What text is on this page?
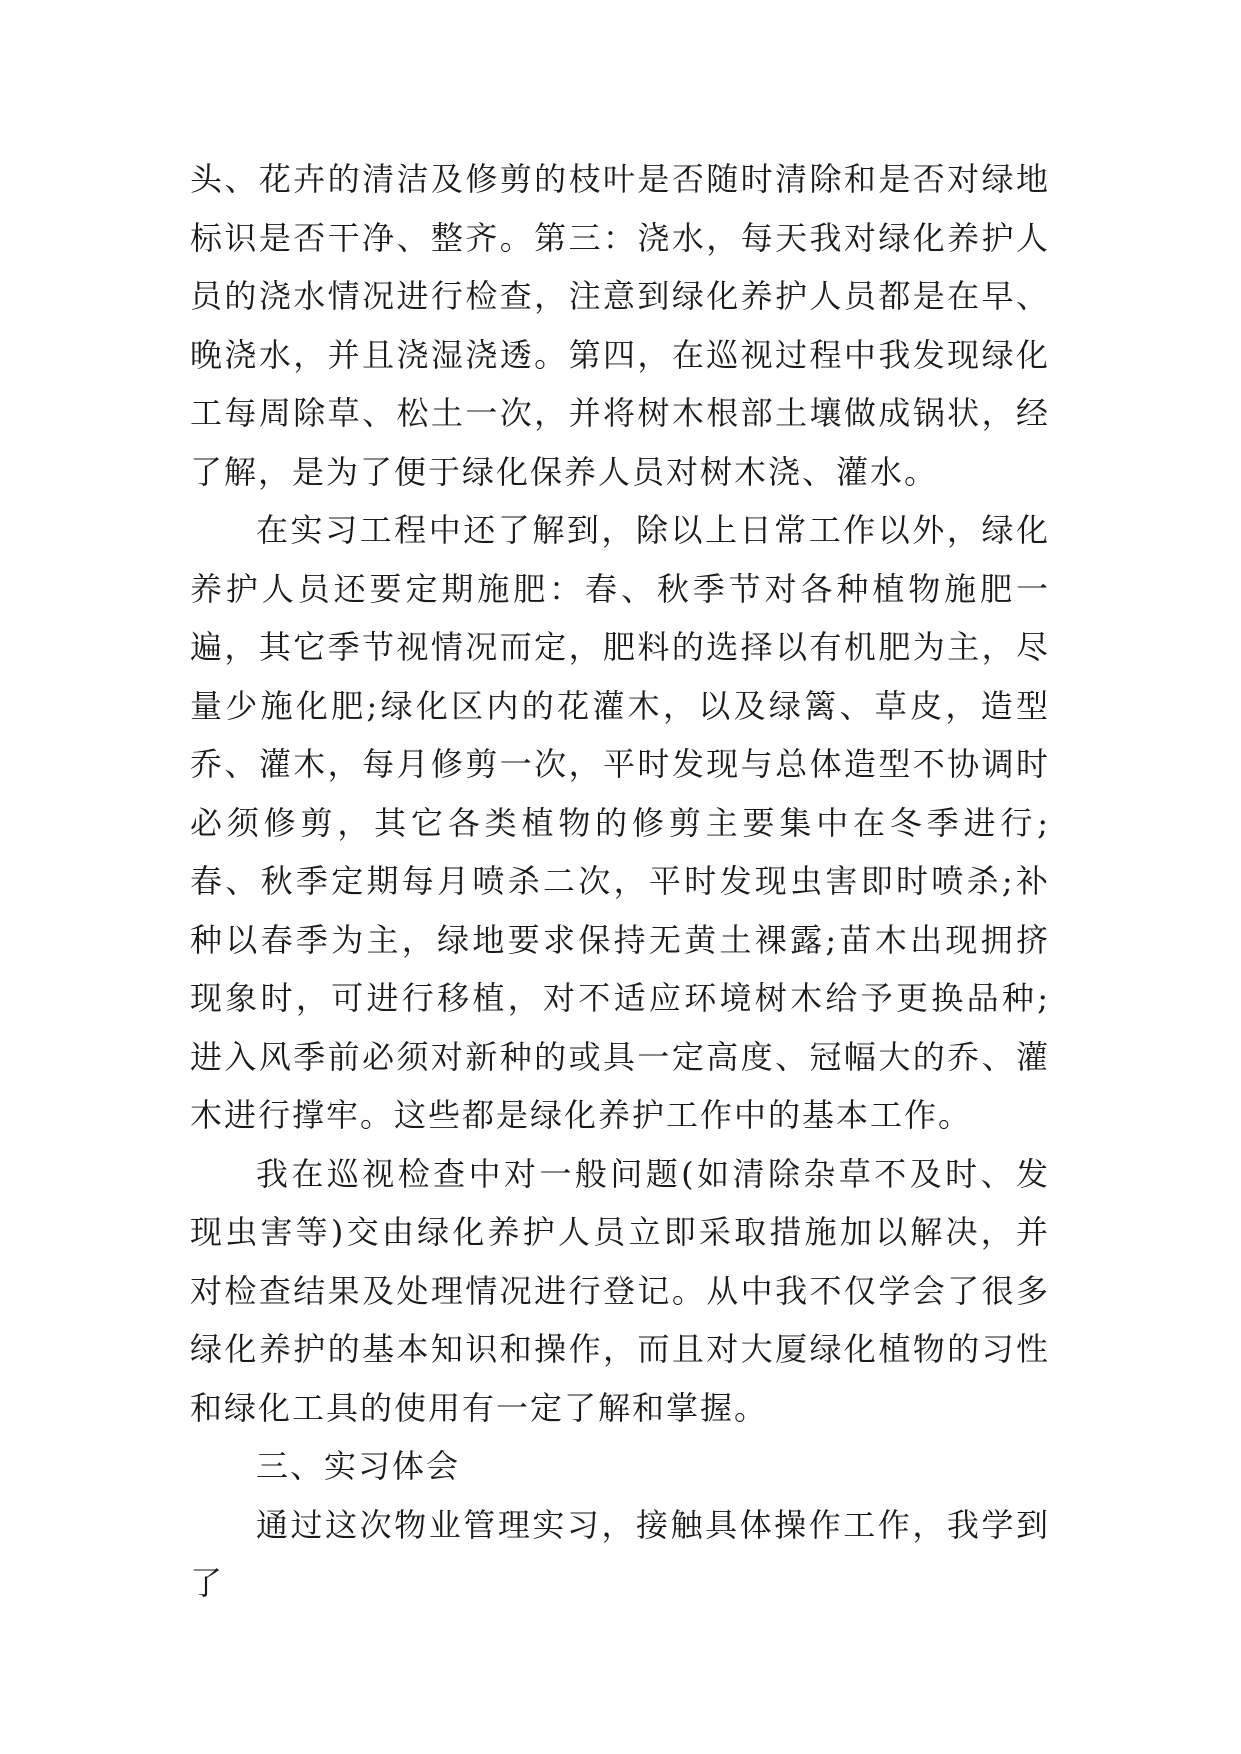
头、花卉的清洁及修剪的枝叶是否随时清除和是否对绿地标识是否干净、整齐。第三：浇水，每天我对绿化养护人员的浇水情况进行检查，注意到绿化养护人员都是在早、晚浇水，并且浇湿浇透。第四，在巡视过程中我发现绿化工每周除草、松土一次，并将树木根部土壤做成锅状，经了解，是为了便于绿化保养人员对树木浇、灌水。

在实习工程中还了解到，除以上日常工作以外，绿化养护人员还要定期施肥：春、秋季节对各种植物施肥一遍，其它季节视情况而定，肥料的选择以有机肥为主，尽量少施化肥;绿化区内的花灌木，以及绿篱、草皮，造型乔、灌木，每月修剪一次，平时发现与总体造型不协调时必须修剪，其它各类植物的修剪主要集中在冬季进行;春、秋季定期每月喷杀二次，平时发现虫害即时喷杀;补种以春季为主，绿地要求保持无黄土裸露;苗木出现拥挤现象时，可进行移植，对不适应环境树木给予更换品种;进入风季前必须对新种的或具一定高度、冠幅大的乔、灌木进行撑牢。这些都是绿化养护工作中的基本工作。

我在巡视检查中对一般问题(如清除杂草不及时、发现虫害等)交由绿化养护人员立即采取措施加以解决，并对检查结果及处理情况进行登记。从中我不仅学会了很多绿化养护的基本知识和操作，而且对大厦绿化植物的习性和绿化工具的使用有一定了解和掌握。

三、实习体会

通过这次物业管理实习，接触具体操作工作，我学到了
